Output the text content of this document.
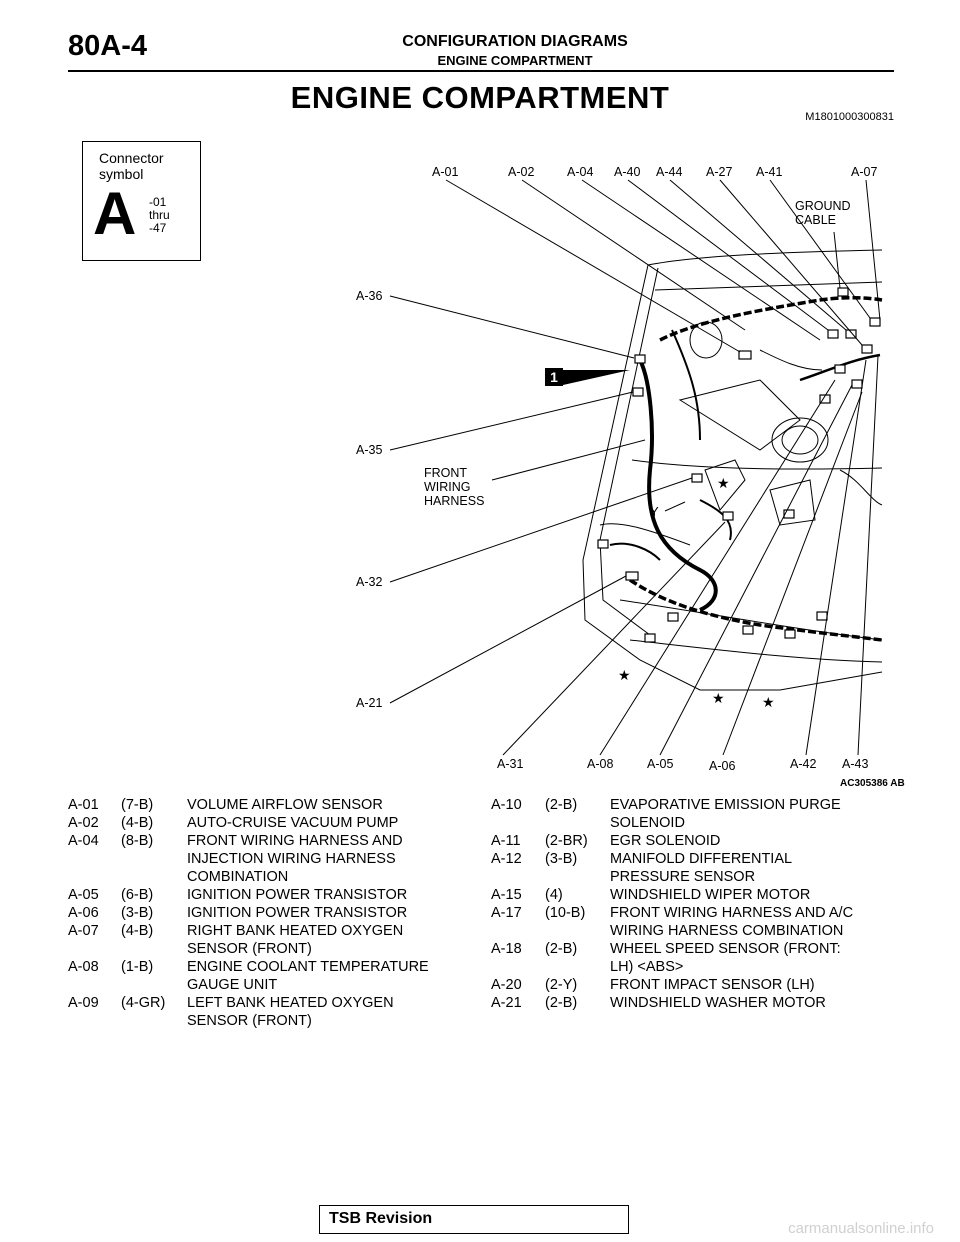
80A-4	CONFIGURATION DIAGRAMS
ENGINE COMPARTMENT
ENGINE COMPARTMENT
M1801000300831
Connector
symbol
A -01
thru
-47
1
A-01	A-02	A-04 A-40 A-44 A-27 A-41	A-07
GROUND
CABLE
A-36
A-35
A-32
A-21
FRONT
WIRING
HARNESS
A-31	A-08	A-05	A-06	A-42 A-43
Y
★
★
★	★
AC305386 AB
A-01	(7-B)	VOLUME AIRFLOW SENSOR
A-02	(4-B)	AUTO-CRUISE VACUUM PUMP
A-04	(8-B)	FRONT WIRING HARNESS AND
INJECTION WIRING HARNESS
COMBINATION
A-05	(6-B)	IGNITION POWER TRANSISTOR
A-06	(3-B)	IGNITION POWER TRANSISTOR
A-07	(4-B)	RIGHT BANK HEATED OXYGEN
SENSOR (FRONT)
A-08	(1-B)	ENGINE COOLANT TEMPERATURE
GAUGE UNIT
A-09	(4-GR)	LEFT BANK HEATED OXYGEN
SENSOR (FRONT)
A-10	(2-B)	EVAPORATIVE EMISSION PURGE
SOLENOID
A-11	(2-BR)	EGR SOLENOID
A-12	(3-B)	MANIFOLD DIFFERENTIAL
PRESSURE SENSOR
A-15	(4)	WINDSHIELD WIPER MOTOR
A-17	(10-B)	FRONT WIRING HARNESS AND A/C
WIRING HARNESS COMBINATION
A-18	(2-B)	WHEEL SPEED SENSOR (FRONT:
LH) <ABS>
A-20	(2-Y)	FRONT IMPACT SENSOR (LH)
A-21	(2-B)	WINDSHIELD WASHER MOTOR
TSB Revision
carmanualsonline.info
